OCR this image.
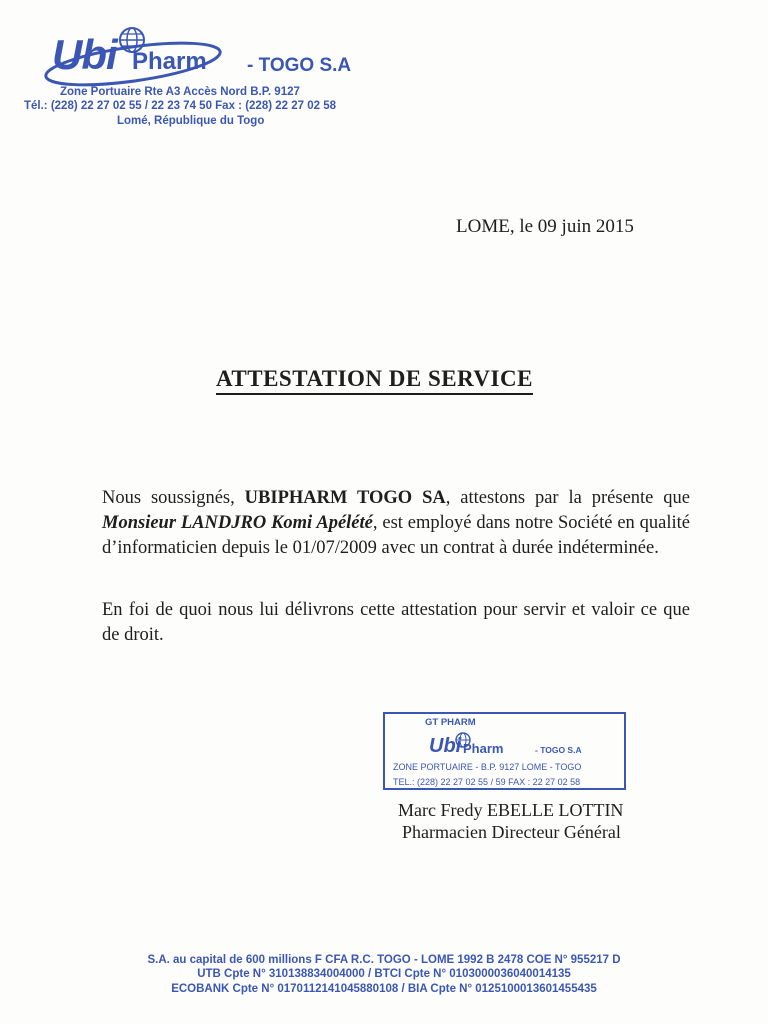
Ubi Pharm - TOGO S.A
Zone Portuaire Rte A3 Accès Nord B.P. 9127
Tél.: (228) 22 27 02 55 / 22 23 74 50 Fax : (228) 22 27 02 58
Lomé, République du Togo
LOME, le 09 juin 2015
ATTESTATION DE SERVICE
Nous soussignés, UBIPHARM TOGO SA, attestons par la présente que Monsieur LANDJRO Komi Apélété, est employé dans notre Société en qualité d’informaticien depuis le 01/07/2009 avec un contrat à durée indéterminée.
En foi de quoi nous lui délivrons cette attestation pour servir et valoir ce que de droit.
GT PHARM
Ubi Pharm	- TOGO S.A
ZONE PORTUAIRE - B.P. 9127 LOME - TOGO
TEL.: (228) 22 27 02 55 / 59 FAX : 22 27 02 58
Marc Fredy EBELLE LOTTIN
Pharmacien Directeur Général
S.A. au capital de 600 millions F CFA R.C. TOGO - LOME 1992 B 2478 COE N° 955217 D
UTB Cpte N° 310138834004000 / BTCI Cpte N° 0103000036040014135
ECOBANK Cpte N° 0170112141045880108 / BIA Cpte N° 0125100013601455435
